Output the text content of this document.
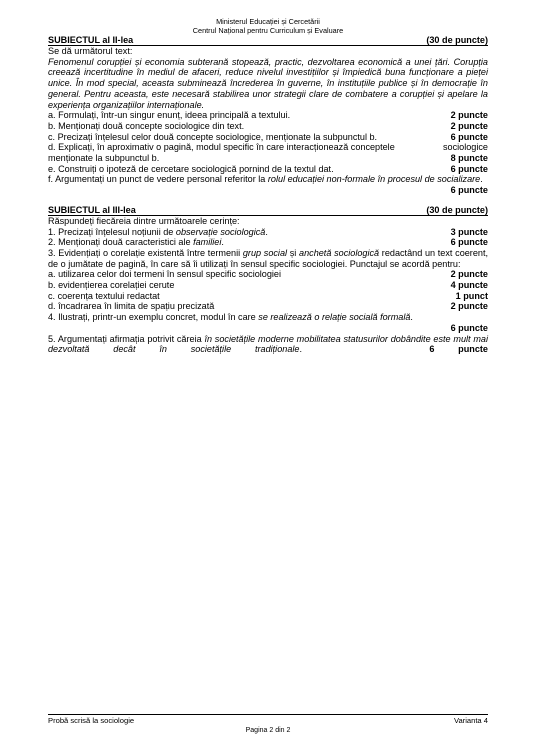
Ministerul Educației și Cercetării
Centrul Național pentru Curriculum și Evaluare
SUBIECTUL al II-lea	(30 de puncte)
Se dă următorul text:
Fenomenul corupției și economia subterană stopează, practic, dezvoltarea economică a unei țări. Corupția creează incertitudine în mediul de afaceri, reduce nivelul investițiilor și împiedică buna funcționare a pieței unice. În mod special, aceasta subminează încrederea în guverne, în instituțiile publice și în democrație în general. Pentru aceasta, este necesară stabilirea unor strategii clare de combatere a corupției și apelare la experiența organizațiilor internaționale.
a. Formulați, într-un singur enunț, ideea principală a textului.	2 puncte
b. Menționați două concepte sociologice din text.	2 puncte
c. Precizați înțelesul celor două concepte sociologice, menționate la subpunctul b.	6 puncte
d. Explicați, în aproximativ o pagină, modul specific în care interacționează conceptele	sociologice
menționate la subpunctul b.	8 puncte
e. Construiți o ipoteză de cercetare sociologică pornind de la textul dat.	6 puncte
f. Argumentați un punct de vedere personal referitor la rolul educației non-formale în procesul de socializare.
6 puncte
SUBIECTUL al III-lea	(30 de puncte)
Răspundeți fiecăreia dintre următoarele cerințe:
1. Precizați înțelesul noțiunii de observație sociologică.	3 puncte
2. Menționați două caracteristici ale familiei.	6 puncte
3. Evidențiați o corelație existentă între termenii grup social și anchetă sociologică redactând un text coerent, de o jumătate de pagină, în care să îi utilizați în sensul specific sociologiei. Punctajul se acordă pentru:
a. utilizarea celor doi termeni în sensul specific sociologiei	2 puncte
b. evidențierea corelației cerute	4 puncte
c. coerența textului redactat	1 punct
d. încadrarea în limita de spațiu precizată	2 puncte
4. Ilustrați, printr-un exemplu concret, modul în care se realizează o relație socială formală.
6 puncte
5. Argumentați afirmația potrivit căreia în societățile moderne mobilitatea statusurilor dobândite este mult mai dezvoltată decât în societățile tradiționale.              	6 puncte
Probă scrisă la sociologie	Varianta 4
Pagina 2 din 2
